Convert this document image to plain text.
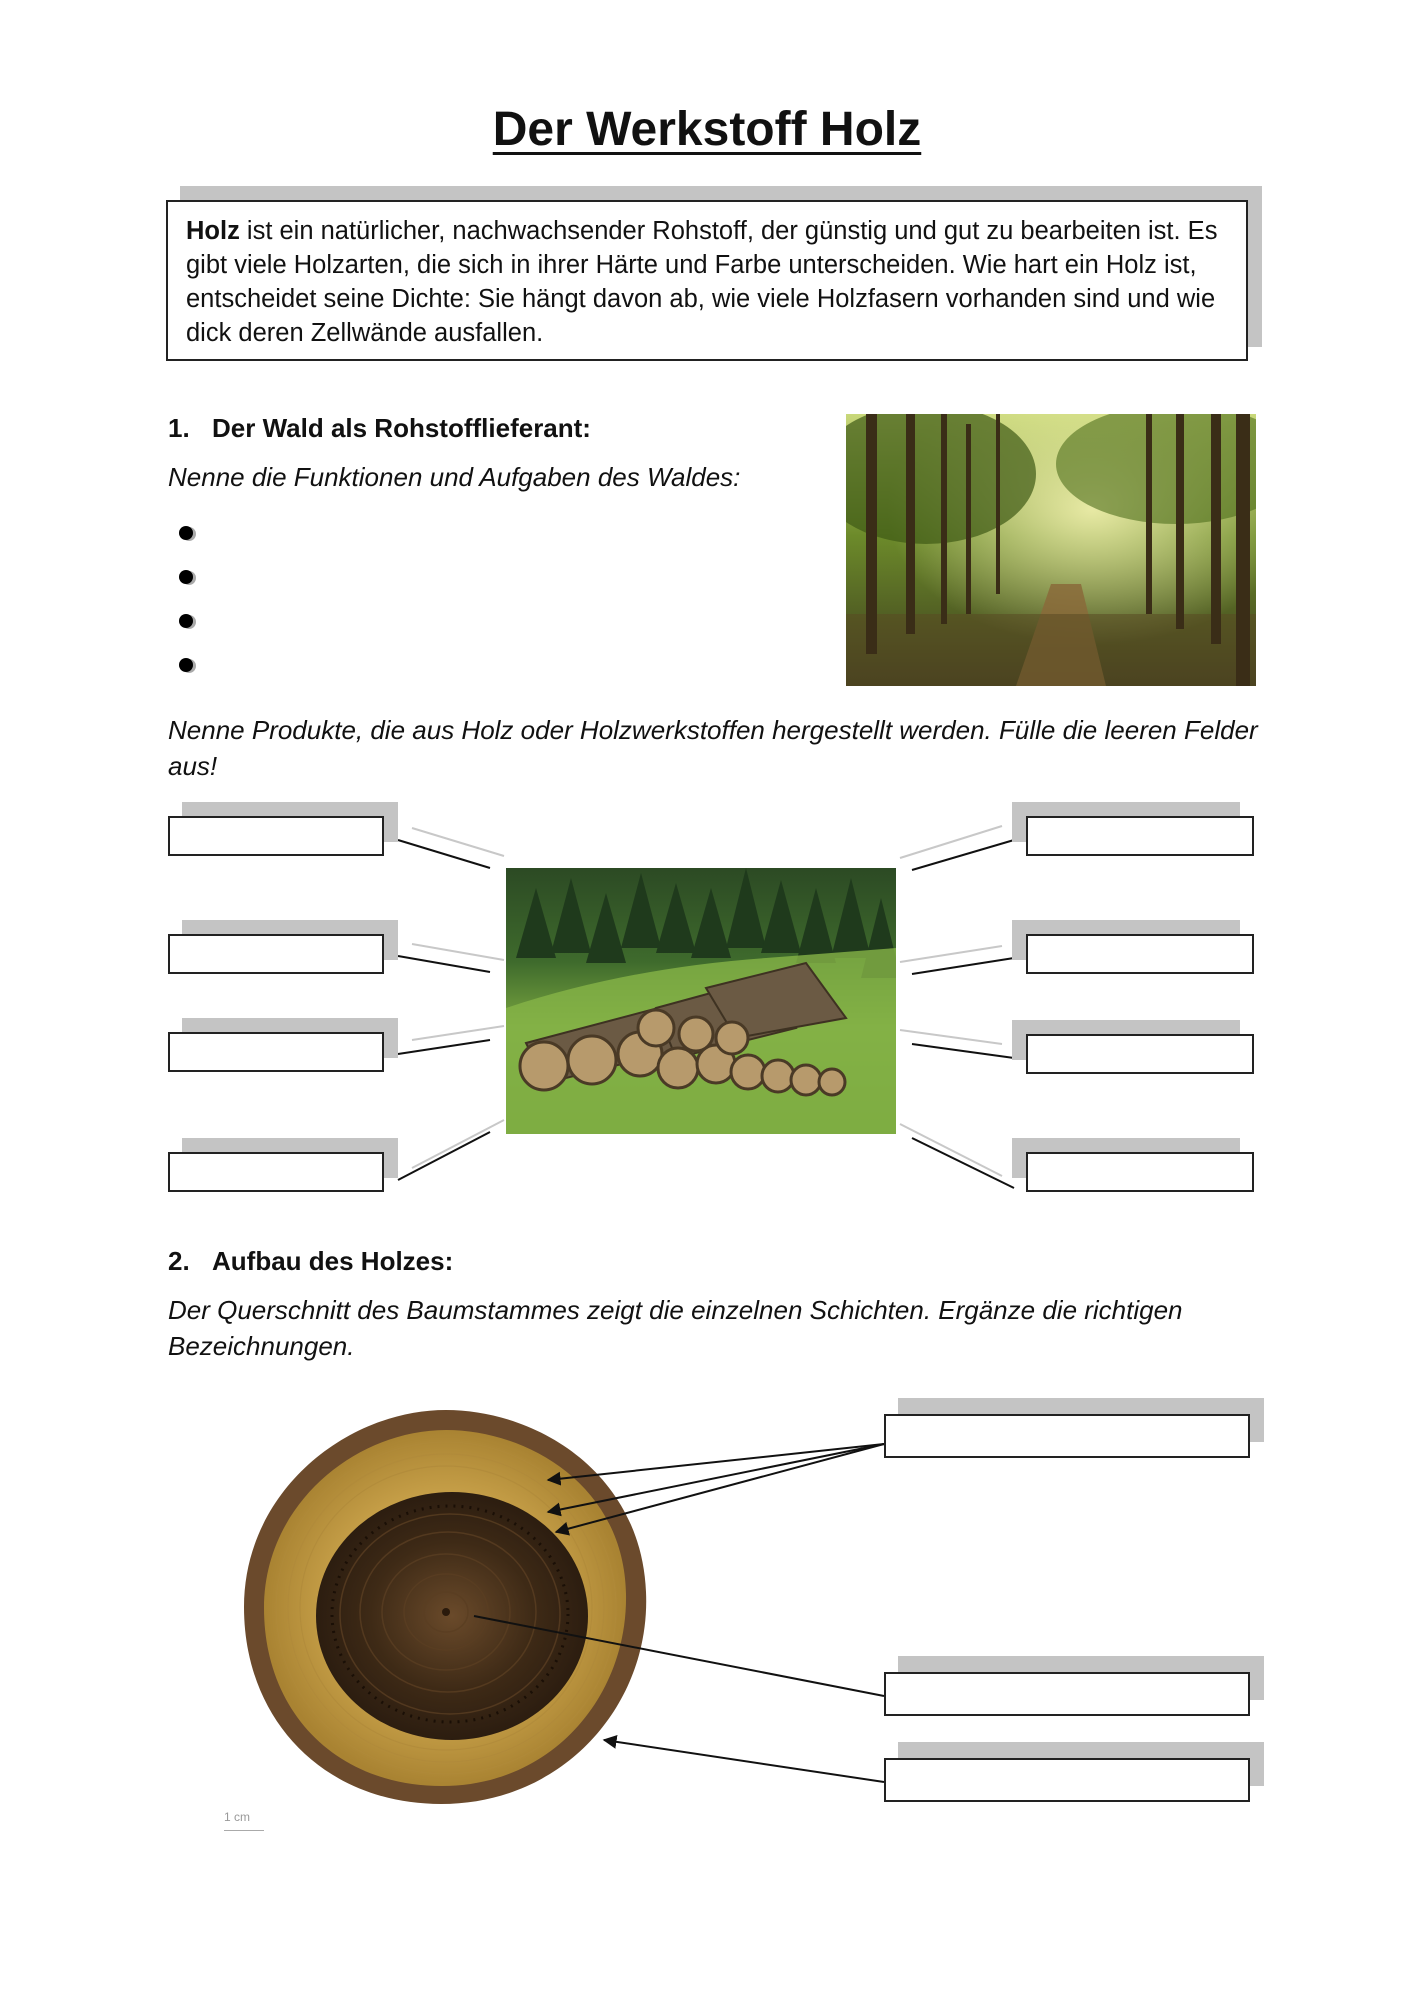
Der Werkstoff Holz
Holz ist ein natürlicher, nachwachsender Rohstoff, der günstig und gut zu bearbeiten ist. Es gibt viele Holzarten, die sich in ihrer Härte und Farbe unterscheiden. Wie hart ein Holz ist, entscheidet seine Dichte: Sie hängt davon ab, wie viele Holzfasern vorhanden sind und wie dick deren Zellwände ausfallen.
1. Der Wald als Rohstofflieferant:
Nenne die Funktionen und Aufgaben des Waldes:
Nenne Produkte, die aus Holz oder Holzwerkstoffen hergestellt werden. Fülle die leeren Felder aus!
2. Aufbau des Holzes:
Der Querschnitt des Baumstammes zeigt die einzelnen Schichten. Ergänze die richtigen Bezeichnungen.
1 cm
